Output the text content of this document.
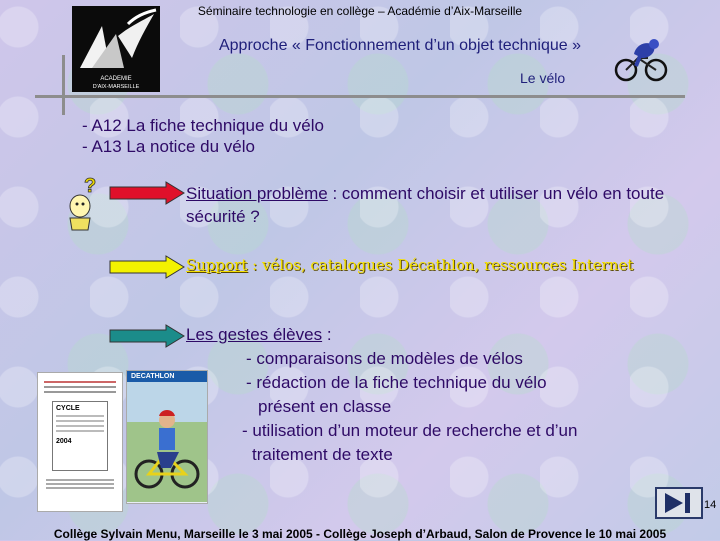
Séminaire technologie en collège – Académie d’Aix-Marseille
ACADEMIE
D'AIX-MARSEILLE
Approche « Fonctionnement d’un objet technique »
Le vélo
- A12 La fiche technique du vélo
- A13 La notice du vélo
?	Situation problème : comment choisir et utiliser un vélo en toute sécurité ?
Support : vélos, catalogues Décathlon, ressources Internet
Les gestes élèves :
- comparaisons de modèles de vélos
- rédaction de la fiche technique du vélo
présent en classe
- utilisation d’un moteur de recherche et d’un
traitement de texte
CYCLE
2004
DECATHLON
14
Collège Sylvain Menu, Marseille le 3 mai 2005 - Collège Joseph d’Arbaud, Salon de Provence le 10 mai 2005
